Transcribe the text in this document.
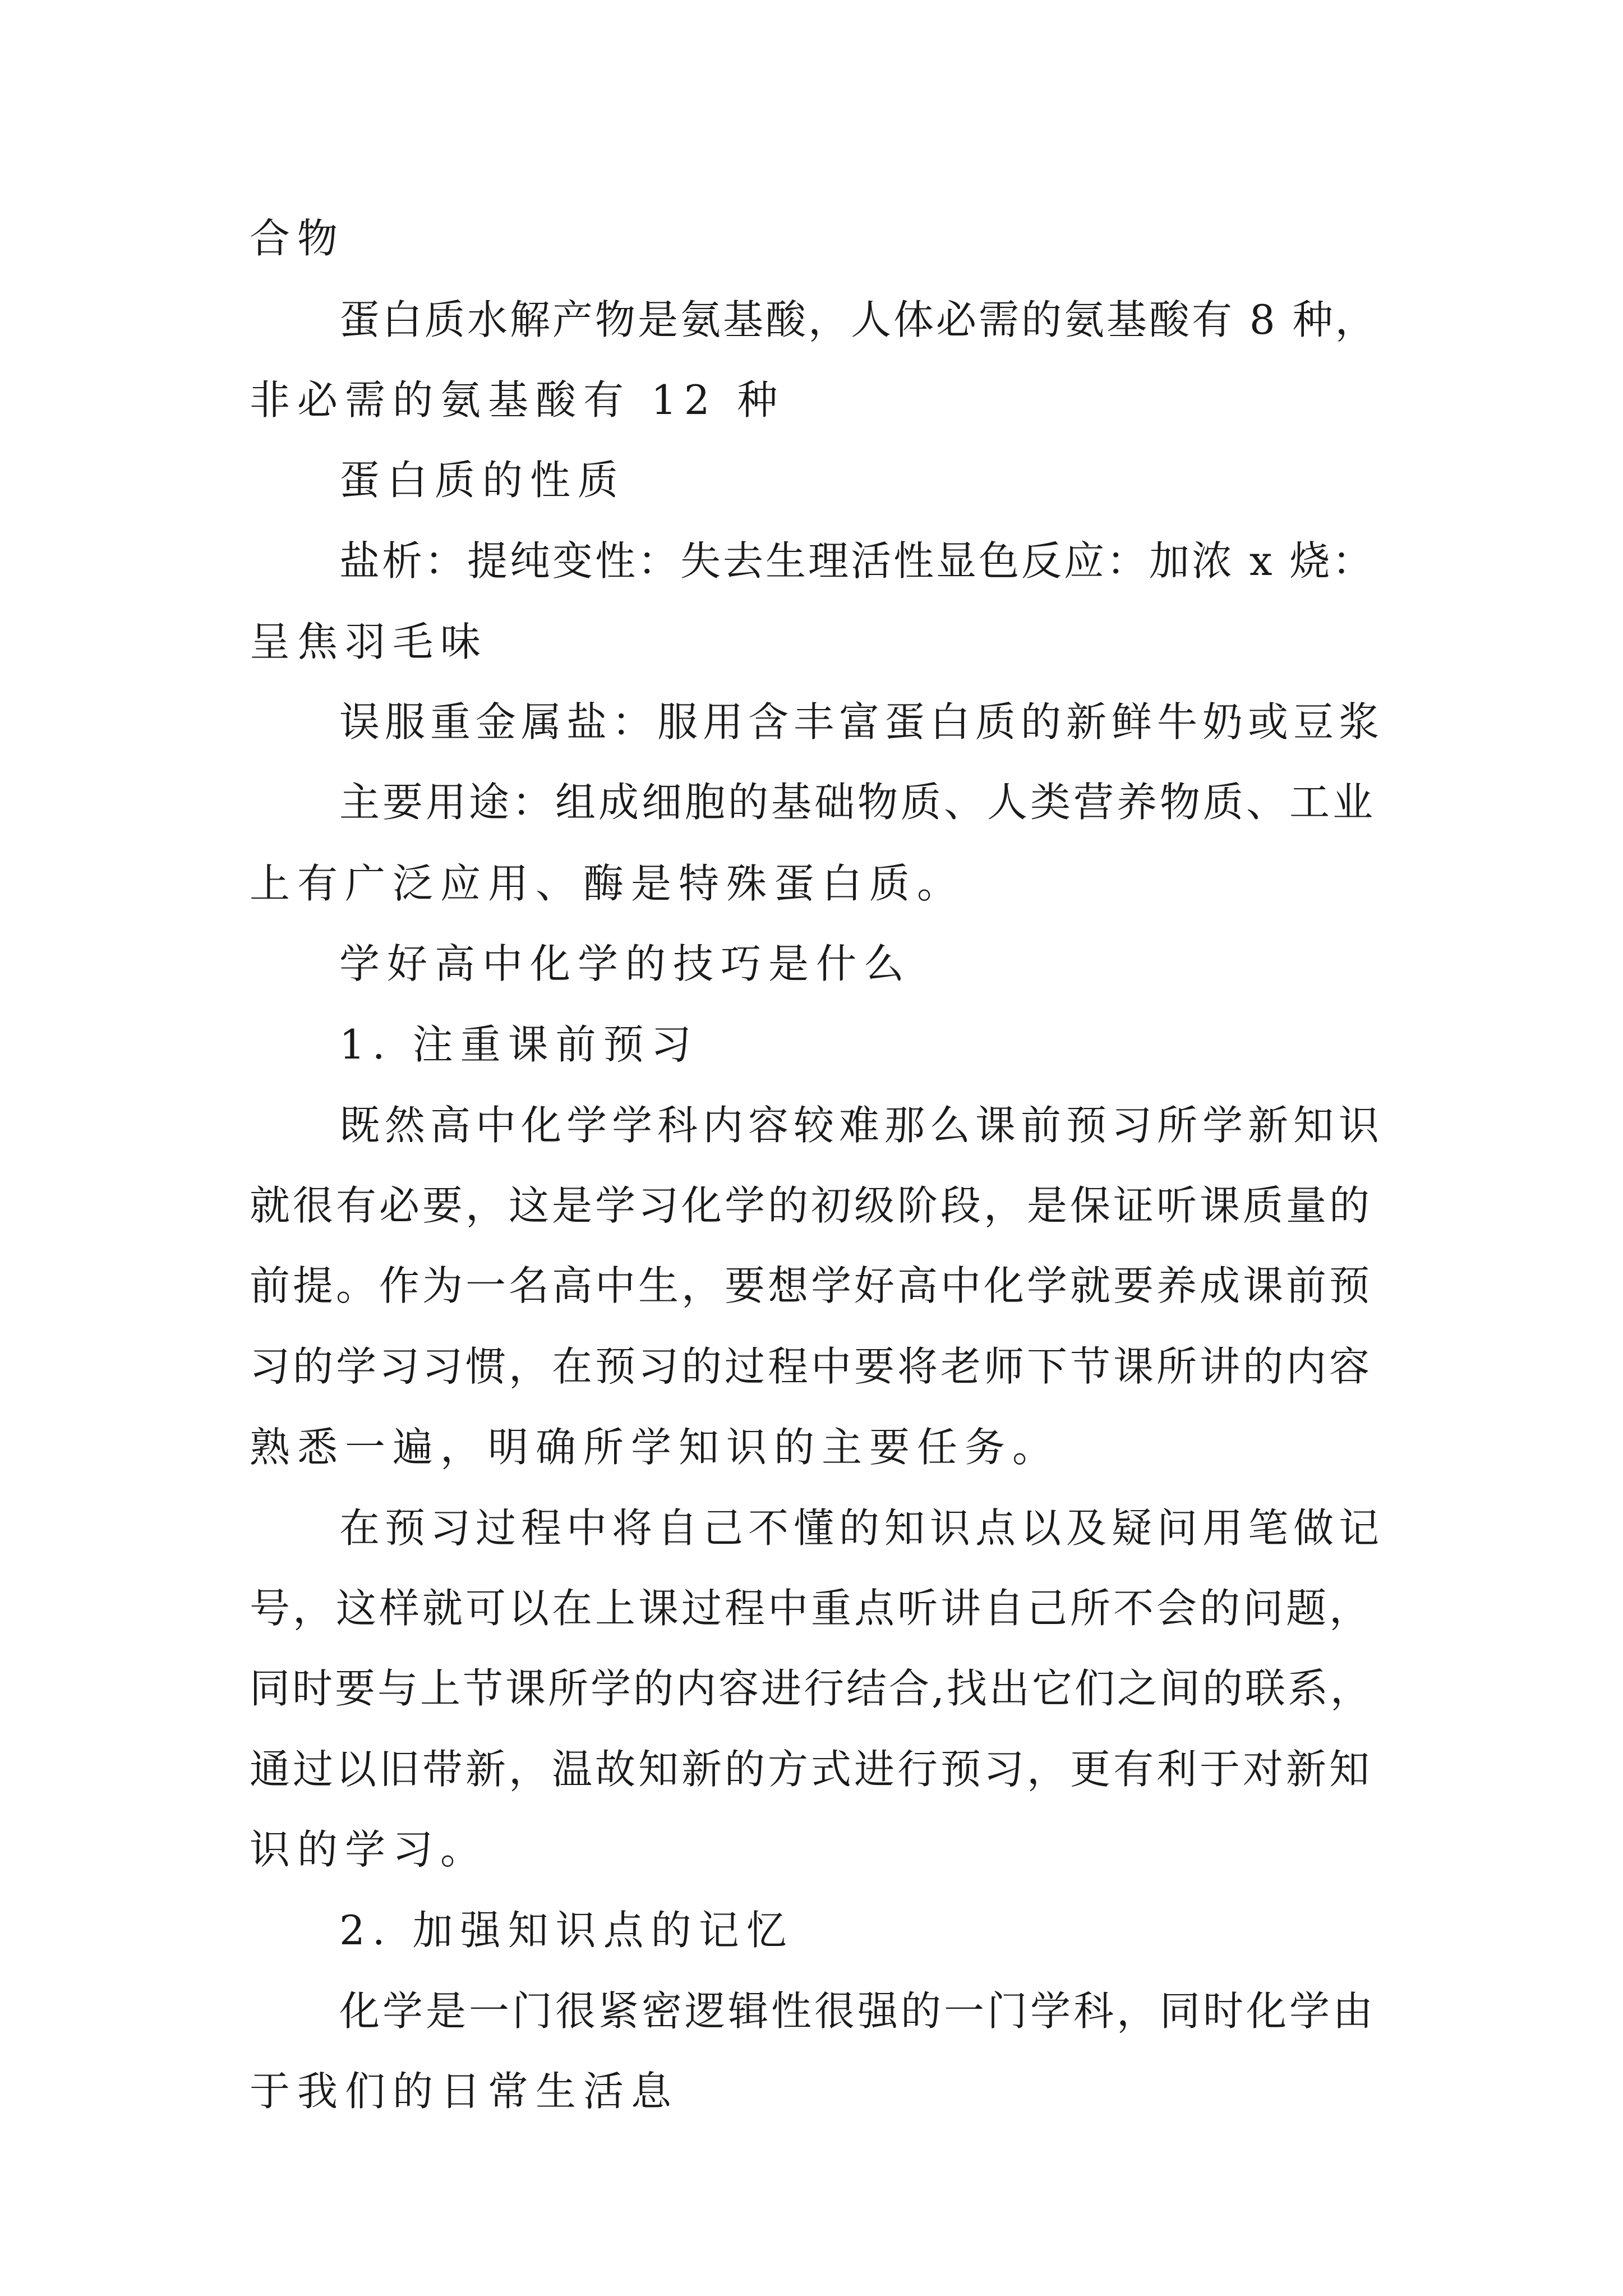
合物
蛋白质水解产物是氨基酸，人体必需的氨基酸有 8 种，
非必需的氨基酸有 12 种
蛋白质的性质
盐析：提纯变性：失去生理活性显色反应：加浓 x 烧：
呈焦羽毛味
误服重金属盐：服用含丰富蛋白质的新鲜牛奶或豆浆
主要用途：组成细胞的基础物质、人类营养物质、工业
上有广泛应用、酶是特殊蛋白质。
学好高中化学的技巧是什么
1. 注重课前预习
既然高中化学学科内容较难那么课前预习所学新知识
就很有必要，这是学习化学的初级阶段，是保证听课质量的
前提。作为一名高中生，要想学好高中化学就要养成课前预
习的学习习惯，在预习的过程中要将老师下节课所讲的内容
熟悉一遍，明确所学知识的主要任务。
在预习过程中将自己不懂的知识点以及疑问用笔做记
号，这样就可以在上课过程中重点听讲自己所不会的问题，
同时要与上节课所学的内容进行结合,找出它们之间的联系，
通过以旧带新，温故知新的方式进行预习，更有利于对新知
识的学习。
2. 加强知识点的记忆
化学是一门很紧密逻辑性很强的一门学科，同时化学由
于我们的日常生活息
